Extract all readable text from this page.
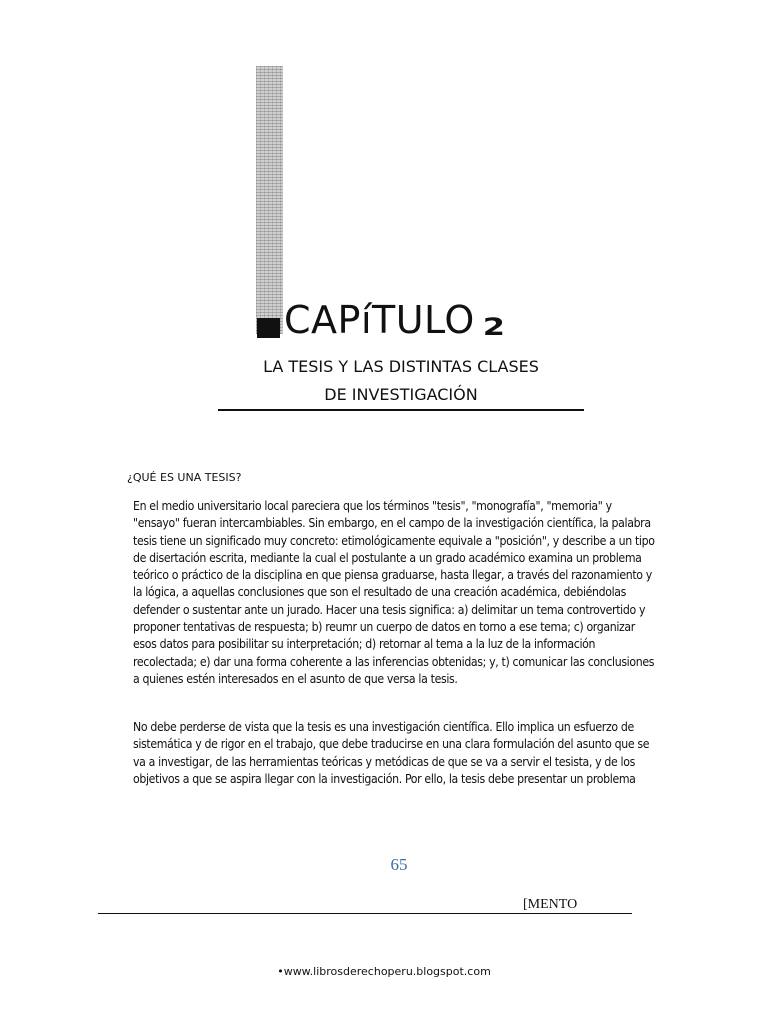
CAPíTULO 2
LA TESIS Y LAS DISTINTAS CLASES
DE INVESTIGACIÓN
¿QUÉ ES UNA TESIS?

En el medio universitario local pareciera que los términos "tesis", "monografía", "memoria" y "ensayo" fueran intercambiables. Sin embargo, en el campo de la investigación científica, la palabra tesis tiene un significado muy concreto: etimológicamente equivale a "posición", y describe a un tipo de disertación escrita, mediante la cual el postulante a un grado académico examina un problema teórico o práctico de la disciplina en que piensa graduarse, hasta llegar, a través del razonamiento y la lógica, a aquellas conclusiones que son el resultado de una creación académica, debiéndolas defender o sustentar ante un jurado. Hacer una tesis significa: a) delimitar un tema controvertido y proponer tentativas de respuesta; b) reumr un cuerpo de datos en torno a ese tema; c) organizar esos datos para posibilitar su interpretación; d) retornar al tema a la luz de la información recolectada; e) dar una forma coherente a las inferencias obtenidas; y, t) comunicar las conclusiones a quienes estén interesados en el asunto de que versa la tesis.

No debe perderse de vista que la tesis es una investigación científica. Ello implica un esfuerzo de sistemática y de rigor en el trabajo, que debe traducirse en una clara formulación del asunto que se va a investigar, de las herramientas teóricas y metódicas de que se va a servir el tesista, y de los objetivos a que se aspira llegar con la investigación. Por ello, la tesis debe presentar un problema

65
[MENTO
•www.librosderechoperu.blogspot.com
